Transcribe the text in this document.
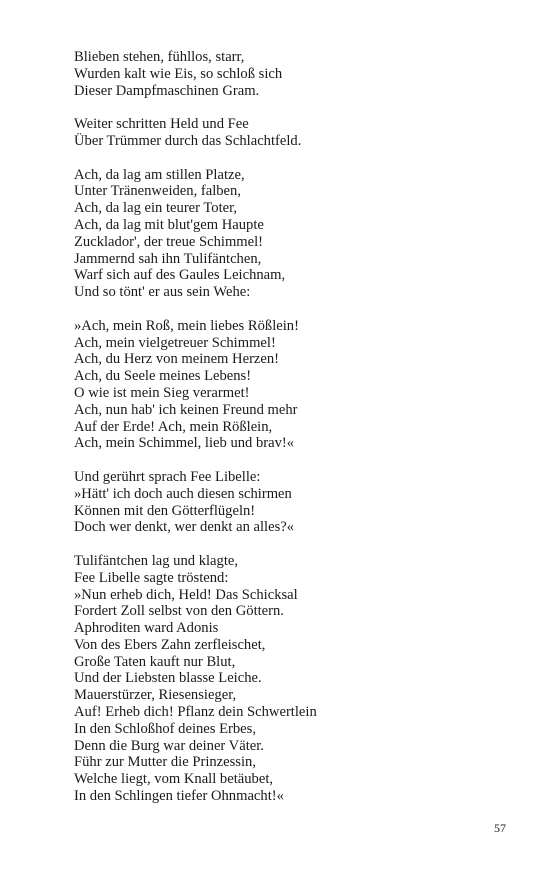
Blieben stehen, fühllos, starr,
Wurden kalt wie Eis, so schloß sich
Dieser Dampfmaschinen Gram.
Weiter schritten Held und Fee
Über Trümmer durch das Schlachtfeld.
Ach, da lag am stillen Platze,
Unter Tränenweiden, falben,
Ach, da lag ein teurer Toter,
Ach, da lag mit blut'gem Haupte
Zucklador', der treue Schimmel!
Jammernd sah ihn Tulifäntchen,
Warf sich auf des Gaules Leichnam,
Und so tönt' er aus sein Wehe:
»Ach, mein Roß, mein liebes Rößlein!
Ach, mein vielgetreuer Schimmel!
Ach, du Herz von meinem Herzen!
Ach, du Seele meines Lebens!
O wie ist mein Sieg verarmet!
Ach, nun hab' ich keinen Freund mehr
Auf der Erde! Ach, mein Rößlein,
Ach, mein Schimmel, lieb und brav!«
Und gerührt sprach Fee Libelle:
»Hätt' ich doch auch diesen schirmen
Können mit den Götterflügeln!
Doch wer denkt, wer denkt an alles?«
Tulifäntchen lag und klagte,
Fee Libelle sagte tröstend:
»Nun erheb dich, Held! Das Schicksal
Fordert Zoll selbst von den Göttern.
Aphroditen ward Adonis
Von des Ebers Zahn zerfleischet,
Große Taten kauft nur Blut,
Und der Liebsten blasse Leiche.
Mauerstürzer, Riesensieger,
Auf! Erheb dich! Pflanz dein Schwertlein
In den Schloßhof deines Erbes,
Denn die Burg war deiner Väter.
Führ zur Mutter die Prinzessin,
Welche liegt, vom Knall betäubet,
In den Schlingen tiefer Ohnmacht!«
57
